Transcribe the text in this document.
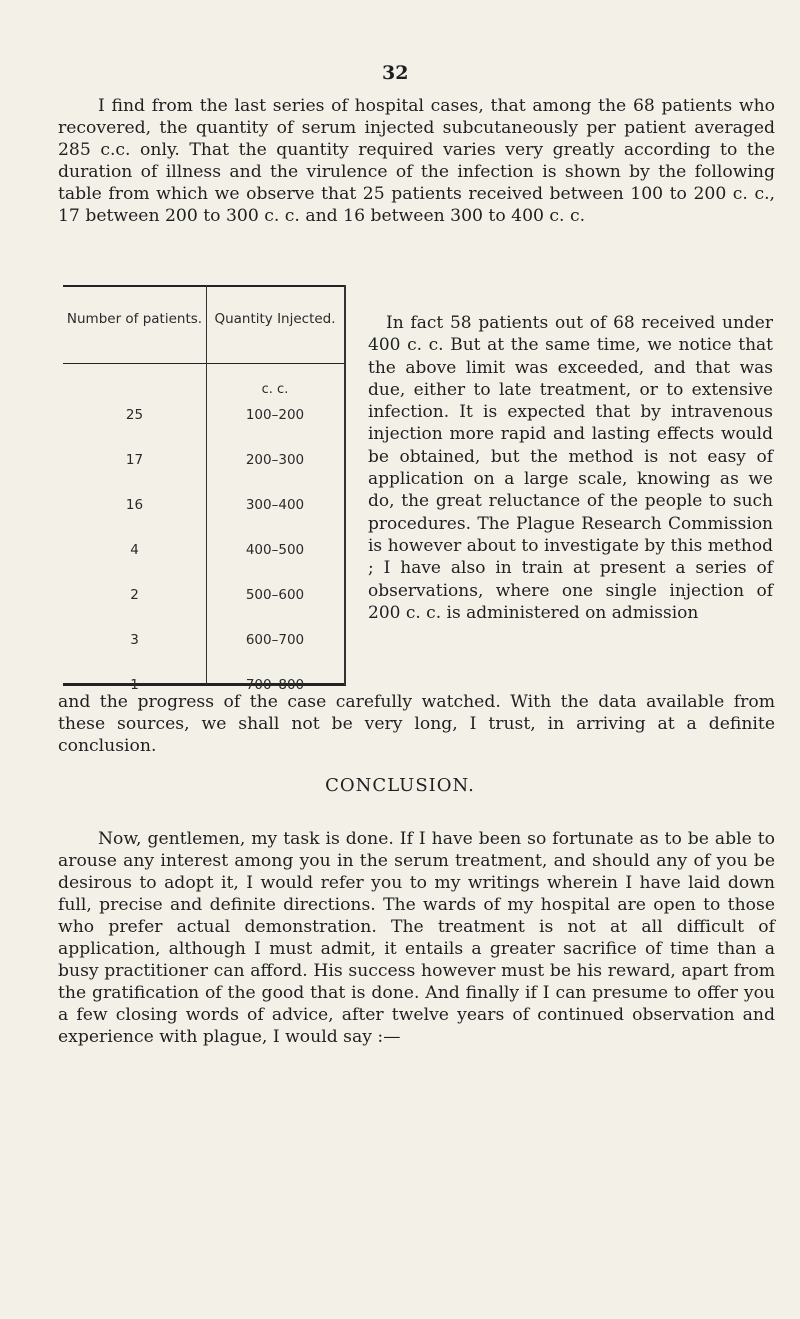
32

I find from the last series of hospital cases, that among the 68 patients who recovered, the quantity of serum injected subcutaneously per patient averaged 285 c.c. only. That the quantity required varies very greatly according to the duration of illness and the virulence of the infection is shown by the following table from which we observe that 25 patients received between 100 to 200 c. c., 17 between 200 to 300 c. c. and 16 between 300 to 400 c. c.

Number of patients. Quantity Injected.
c. c.
25	100–200
17	200–300
16	300–400
4	400–500
2	500–600
3	600–700
1	700–800

In fact 58 patients out of 68 received under 400 c. c. But at the same time, we notice that the above limit was exceeded, and that was due, either to late treatment, or to extensive infection. It is expected that by intravenous injection more rapid and lasting effects would be obtained, but the method is not easy of application on a large scale, knowing as we do, the great reluctance of the people to such procedures. The Plague Research Commission is however about to investigate by this method ; I have also in train at present a series of observations, where one single injection of 200 c. c. is administered on admission

and the progress of the case carefully watched. With the data available from these sources, we shall not be very long, I trust, in arriving at a definite conclusion.

CONCLUSION.

Now, gentlemen, my task is done. If I have been so fortunate as to be able to arouse any interest among you in the serum treatment, and should any of you be desirous to adopt it, I would refer you to my writings wherein I have laid down full, precise and definite directions. The wards of my hospital are open to those who prefer actual demonstration. The treatment is not at all difficult of application, although I must admit, it entails a greater sacrifice of time than a busy practitioner can afford. His success however must be his reward, apart from the gratification of the good that is done. And finally if I can presume to offer you a few closing words of advice, after twelve years of continued observation and experience with plague, I would say :—
